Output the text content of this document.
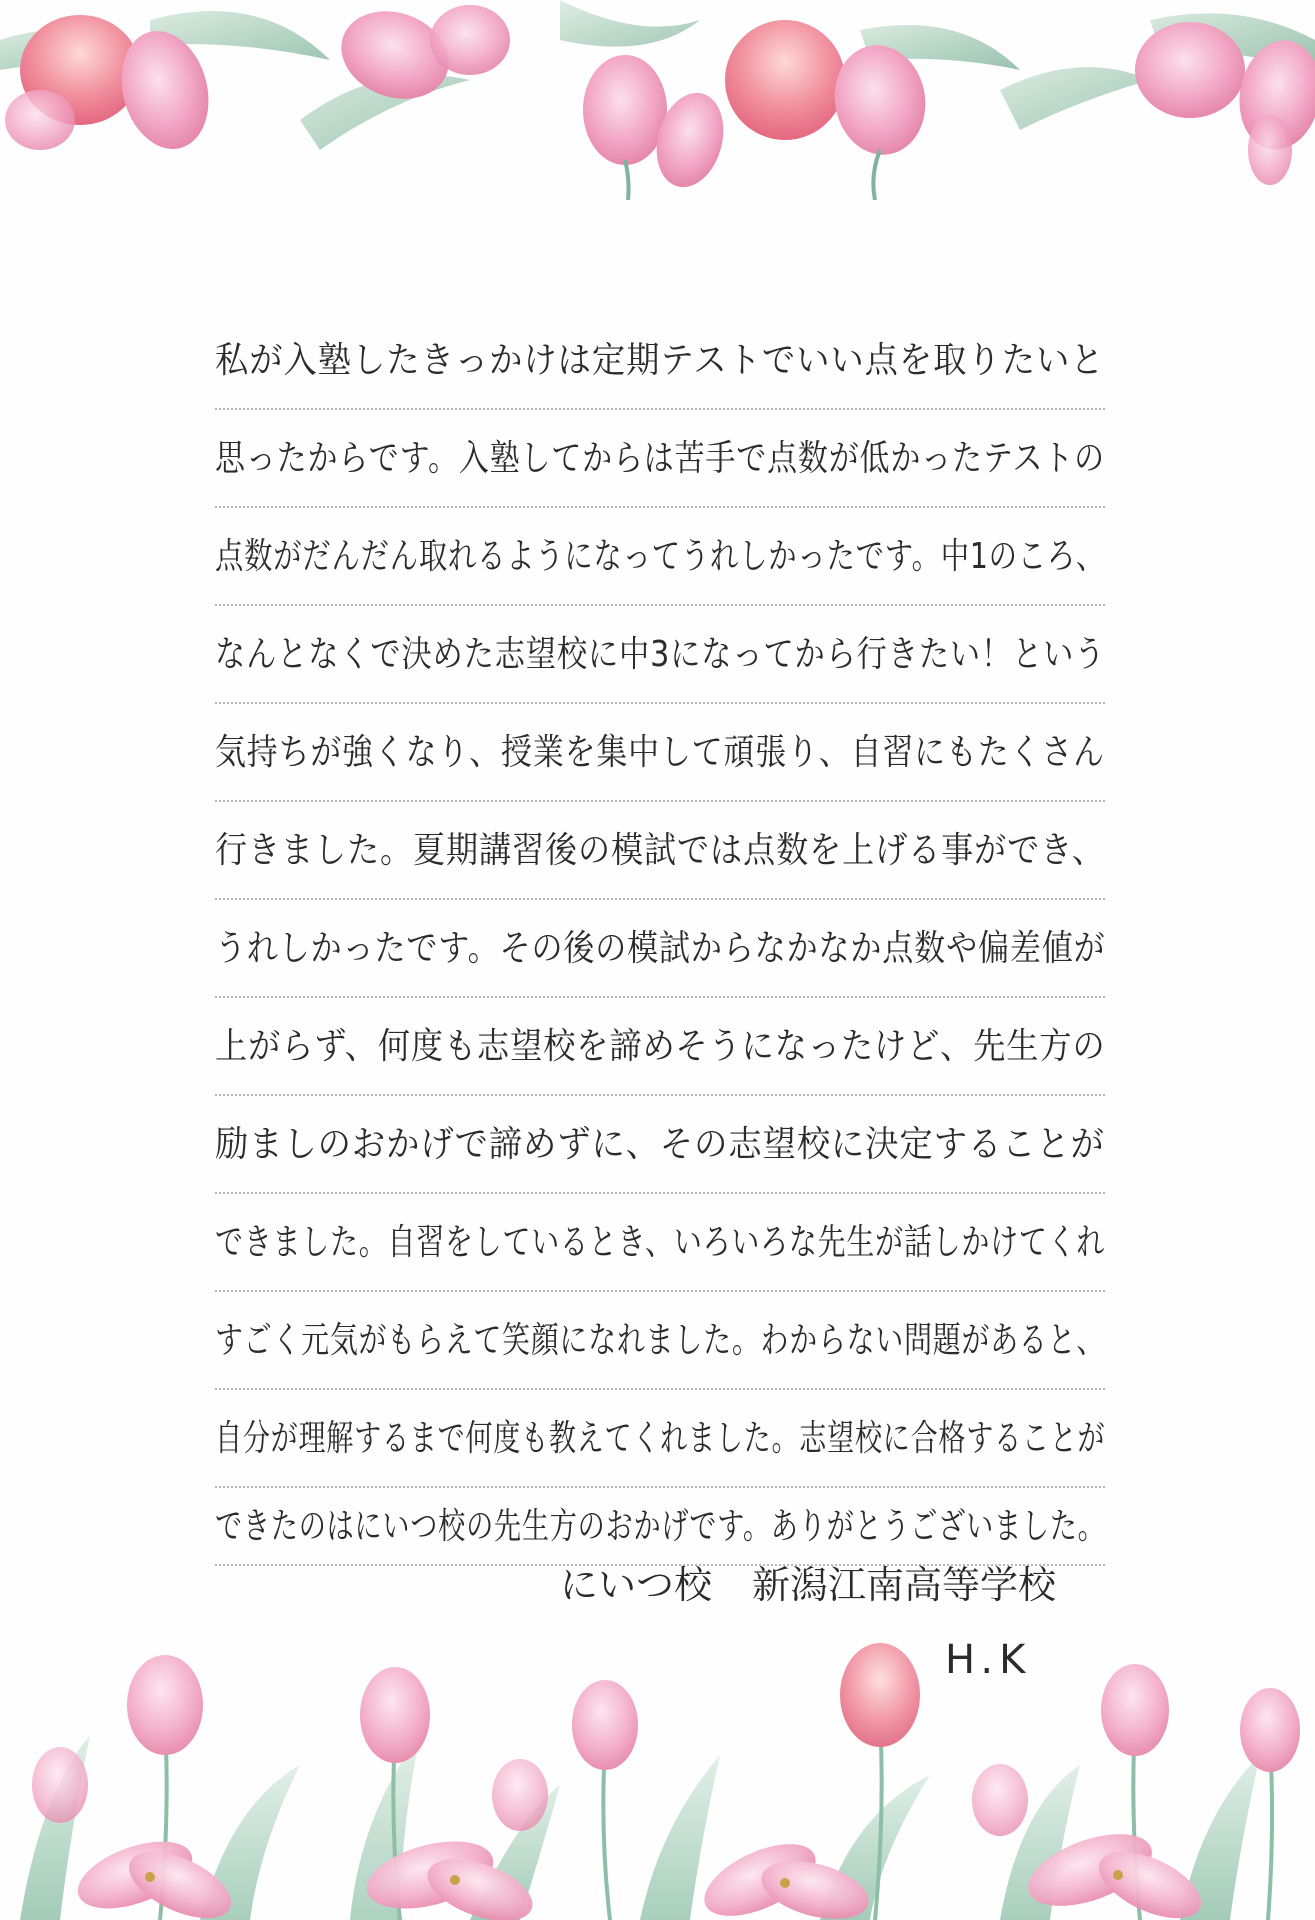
私が入塾したきっかけは定期テストでいい点を取りたいと
思ったからです。入塾してからは苦手で点数が低かったテストの
点数がだんだん取れるようになってうれしかったです。中1のころ、
なんとなくで決めた志望校に中3になってから行きたい！という
気持ちが強くなり、授業を集中して頑張り、自習にもたくさん
行きました。夏期講習後の模試では点数を上げる事ができ、
うれしかったです。その後の模試からなかなか点数や偏差値が
上がらず、何度も志望校を諦めそうになったけど、先生方の
励ましのおかげで諦めずに、その志望校に決定することが
できました。自習をしているとき、いろいろな先生が話しかけてくれ
すごく元気がもらえて笑顔になれました。わからない問題があると、
自分が理解するまで何度も教えてくれました。志望校に合格することが
できたのはにいつ校の先生方のおかげです。ありがとうございました。
にいつ校 新潟江南高等学校
H.K
